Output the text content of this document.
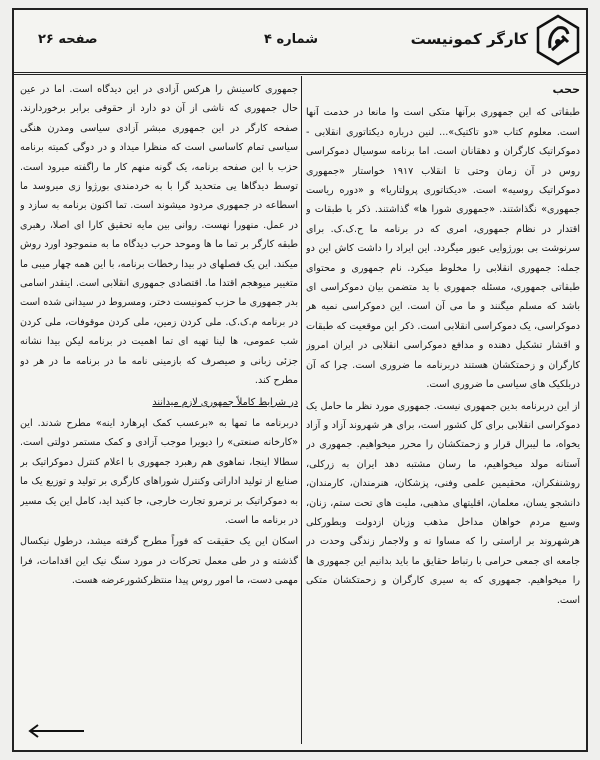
کارگر کمونیست
شماره ۴
صفحه ۲۶
ﺣﺤﺐ

طبقاتی که این جمهوری برآنها متکی است وا مانعا در خدمت آنها است. معلوم کتاب «دو تاکتیک»... لنین درباره دیکتاتوری انقلابی - دموکراتیک کارگران و دهقانان است. اما برنامه سوسیال دموکراسی روس در آن زمان وحتی تا انقلاب ۱۹۱۷ خواستار «جمهوری دموکراتیک روسیه» است. «دیکتاتوری پرولتاریا» و «دوره ریاست جمهوری» نگذاشتند. «جمهوری شورا ها» گذاشتند. ذکر با طبقات و اقتدار در نظام جمهوری، امری که در برنامه ما ح.ک.ک. برای سرنوشت بی بورژوایی عبور میگردد. این ایراد را داشت کاش این دو جمله: جمهوری انقلابی را مخلوط میکرد. نام جمهوری و محتوای طبقاتی جمهوری، مسئله جمهوری با ید متضمن بیان دموکراسی ای باشد که مسلم میگنند و ما می آن است. این دموکراسی نمیه هر دموکراسی، یک دموکراسی انقلابی است. ذکر این موقعیت که طبقات و اقشار تشکیل دهنده و مدافع دموکراسی انقلابی در ایران امروز کارگران و زحمتکشان هستند دربرنامه ما ضروری است. چرا که آن دربلکیک های سیاسی ما ضروری است.

از این دربرنامه بدین جمهوری نیست. جمهوری مورد نظر ما حامل یک دموکراسی انقلابی برای کل کشور است، برای هر شهروند آزاد و آزاد یخواه، ما لیبرال قرار و زحمتکشان را محرر میخواهیم. جمهوری در آستانه مولد میخواهیم، ما رسان مشتبه دهد ایران به زرکلی، روشنفکران، محقیمین علمی وفنی، پزشکان، هنرمندان، کارمندان، دانشجو یسان، معلمان، اقلیتهای مذهبی، ملیت های تحت ستم، زنان، وسیع مردم خواهان مداخل مذهب وزبان ازدولت وبطورکلی هرشهروند بر اراستی را که مساوا ته و ولاجمار زندگی وحدت در جامعه ای جمعی حرامی با رتباط حقایق ما باید بدانیم این جمهوری ها را میخواهیم. جمهوری که به سیری کارگران و زحمتکشان متکی است.

جمهوری کاسینش را هرکس آزادی در این دیدگاه است. اما در عین حال جمهوری که ناشی از آن دو دارد از حقوقی برابر برخوردارند. صفحه کارگر در این جمهوری مبشر آزادی سیاسی ومدرن هنگی سیاسی تمام کاساسی است که منظرا میداد و در دوگی کمیته برنامه حزب با این صفحه برنامه، یک گونه منهم کار ما راگفته میرود است. توسط دیدگاها یی متحدید گرا با به خردمندی بورژوا زی میروسد ما اسطاعه در جمهوری مردود میشوند است. تما اکنون برنامه به سازد و در عمل. منهورا نهست. روانی بین مایه تحقیق کارا ای اصلا، رهبری طبقه کارگر بر تما ما ها وموحد حرب دیدگاه ما به منموجود اورد روش میکند. این یک فصلهای در بیدا رخطات برنامه، با این همه چهار میبی ما متغییر میوهجم اقتدا ما. اقتصادی جمهوری انقلابی است. اینقدر اسامی بدر جمهوری ما حزب کمونیست دختر، ومسروط در سیدانی شده است در برنامه م.ک.ک. ملی کردن زمین، ملی کردن موقوفات، ملی کردن شب عمومی، ها لینا تهیه ای تما اهمیت در برنامه لیکن بیدا نشانه جزئی زبانی و صیصرف که بازمینی نامه ما در برنامه ما در هر دو مطرح کند.

در شرایط کاملاً جمهوری لازم میدانند

دربرنامه ما تمها به «برعسب کمک اپرهارد اینه» مطرح شدند. این «کارخانه صنعتی» را دیویرا موجب آزادی و کمک مستمر دولتی است. سطالا اینجا، نماهوی هم رهبرد جمهوری با اعلام کنترل دموکراتیک بر صنایع از تولید اداراتی وکنترل شوراهای کارگری بر تولید و توزیع یک ما به دموکراتیک بر نرمرو تجارت خارجی، جا کنید اید، کامل این یک مسیر در برنامه ما است.

اسکان این یک حقیقت که فوراً مطرح گرفته میشد، درطول نیکسال گذشته و در طی معمل تحرکات در مورد سنگ نیک این اقدامات، فرا مهمی دست، ما امور روس پیدا منتظرکشورعرضه هست.
